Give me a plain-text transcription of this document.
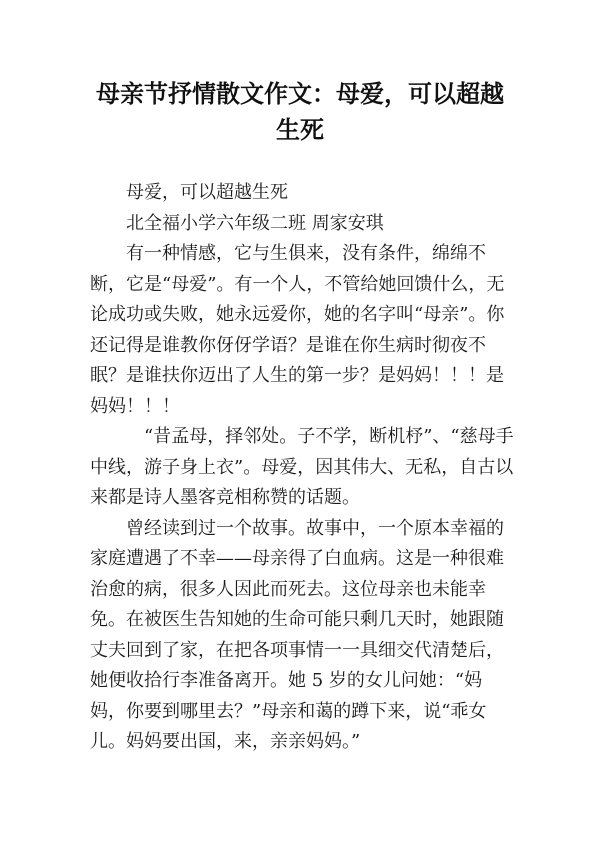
母亲节抒情散文作文：母爱，可以超越生死

母爱，可以超越生死

北全福小学六年级二班 周家安琪

有一种情感，它与生俱来，没有条件，绵绵不断，它是“母爱”。有一个人，不管给她回馈什么，无论成功或失败，她永远爱你，她的名字叫“母亲”。你还记得是谁教你伢伢学语？是谁在你生病时彻夜不眠？是谁扶你迈出了人生的第一步？是妈妈！！！是妈妈！！！

“昔孟母，择邻处。子不学，断机杼”、“慈母手中线，游子身上衣”。母爱，因其伟大、无私，自古以来都是诗人墨客竞相称赞的话题。

曾经读到过一个故事。故事中，一个原本幸福的家庭遭遇了不幸——母亲得了白血病。这是一种很难治愈的病，很多人因此而死去。这位母亲也未能幸免。在被医生告知她的生命可能只剩几天时，她跟随丈夫回到了家，在把各项事情一一具细交代清楚后，她便收拾行李准备离开。她 5 岁的女儿问她：“妈妈，你要到哪里去？”母亲和蔼的蹲下来，说“乖女儿。妈妈要出国，来，亲亲妈妈。”
